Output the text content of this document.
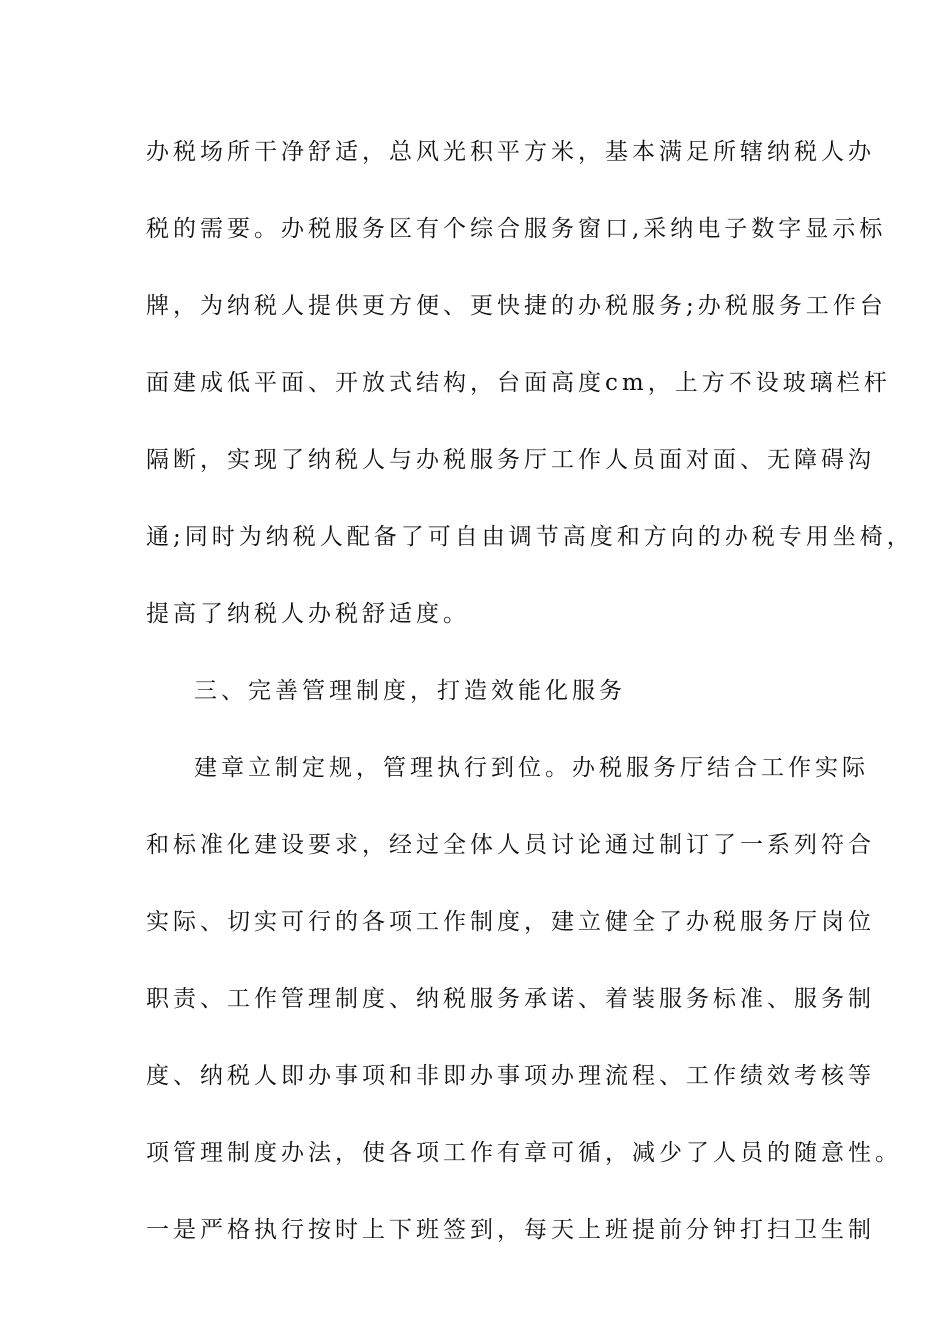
办税场所干净舒适，总风光积平方米，基本满足所辖纳税人办
税的需要。办税服务区有个综合服务窗口,采纳电子数字显示标
牌，为纳税人提供更方便、更快捷的办税服务;办税服务工作台
面建成低平面、开放式结构，台面高度cm，上方不设玻璃栏杆
隔断，实现了纳税人与办税服务厅工作人员面对面、无障碍沟
通;同时为纳税人配备了可自由调节高度和方向的办税专用坐椅，
提高了纳税人办税舒适度。
三、完善管理制度，打造效能化服务
建章立制定规，管理执行到位。办税服务厅结合工作实际
和标准化建设要求，经过全体人员讨论通过制订了一系列符合
实际、切实可行的各项工作制度，建立健全了办税服务厅岗位
职责、工作管理制度、纳税服务承诺、着装服务标准、服务制
度、纳税人即办事项和非即办事项办理流程、工作绩效考核等
项管理制度办法，使各项工作有章可循，减少了人员的随意性。
一是严格执行按时上下班签到，每天上班提前分钟打扫卫生制
